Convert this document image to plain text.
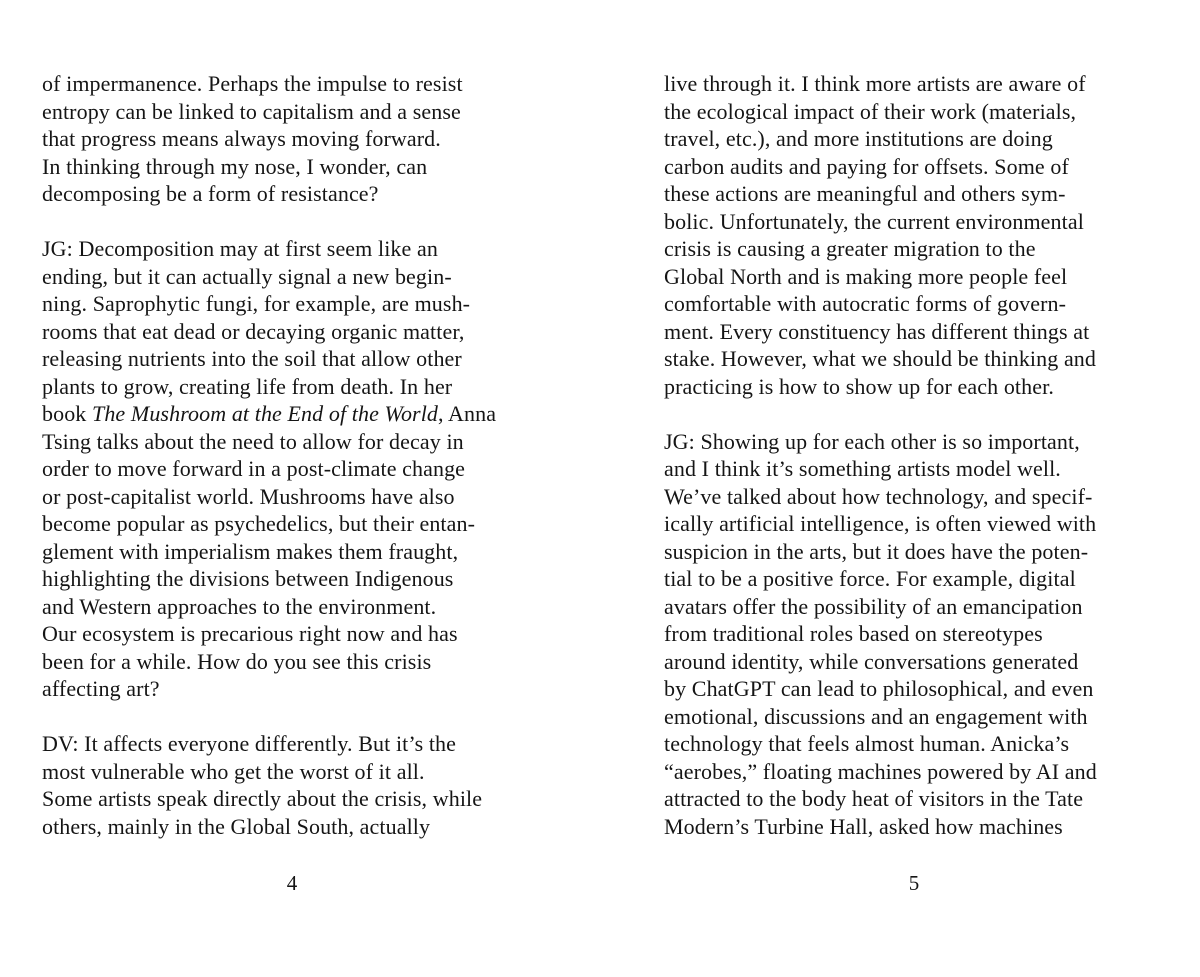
of impermanence. Perhaps the impulse to resist
entropy can be linked to capitalism and a sense
that progress means always moving forward.
In thinking through my nose, I wonder, can
decomposing be a form of resistance?

JG: Decomposition may at first seem like an
ending, but it can actually signal a new begin-
ning. Saprophytic fungi, for example, are mush-
rooms that eat dead or decaying organic matter,
releasing nutrients into the soil that allow other
plants to grow, creating life from death. In her
book The Mushroom at the End of the World, Anna
Tsing talks about the need to allow for decay in
order to move forward in a post-climate change
or post-capitalist world. Mushrooms have also
become popular as psychedelics, but their entan-
glement with imperialism makes them fraught,
highlighting the divisions between Indigenous
and Western approaches to the environment.
Our ecosystem is precarious right now and has
been for a while. How do you see this crisis
affecting art?

DV: It affects everyone differently. But it’s the
most vulnerable who get the worst of it all.
Some artists speak directly about the crisis, while
others, mainly in the Global South, actually

4

live through it. I think more artists are aware of
the ecological impact of their work (materials,
travel, etc.), and more institutions are doing
carbon audits and paying for offsets. Some of
these actions are meaningful and others sym-
bolic. Unfortunately, the current environmental
crisis is causing a greater migration to the
Global North and is making more people feel
comfortable with autocratic forms of govern-
ment. Every constituency has different things at
stake. However, what we should be thinking and
practicing is how to show up for each other.

JG: Showing up for each other is so important,
and I think it’s something artists model well.
We’ve talked about how technology, and specif-
ically artificial intelligence, is often viewed with
suspicion in the arts, but it does have the poten-
tial to be a positive force. For example, digital
avatars offer the possibility of an emancipation
from traditional roles based on stereotypes
around identity, while conversations generated
by ChatGPT can lead to philosophical, and even
emotional, discussions and an engagement with
technology that feels almost human. Anicka’s
“aerobes,” floating machines powered by AI and
attracted to the body heat of visitors in the Tate
Modern’s Turbine Hall, asked how machines

5
